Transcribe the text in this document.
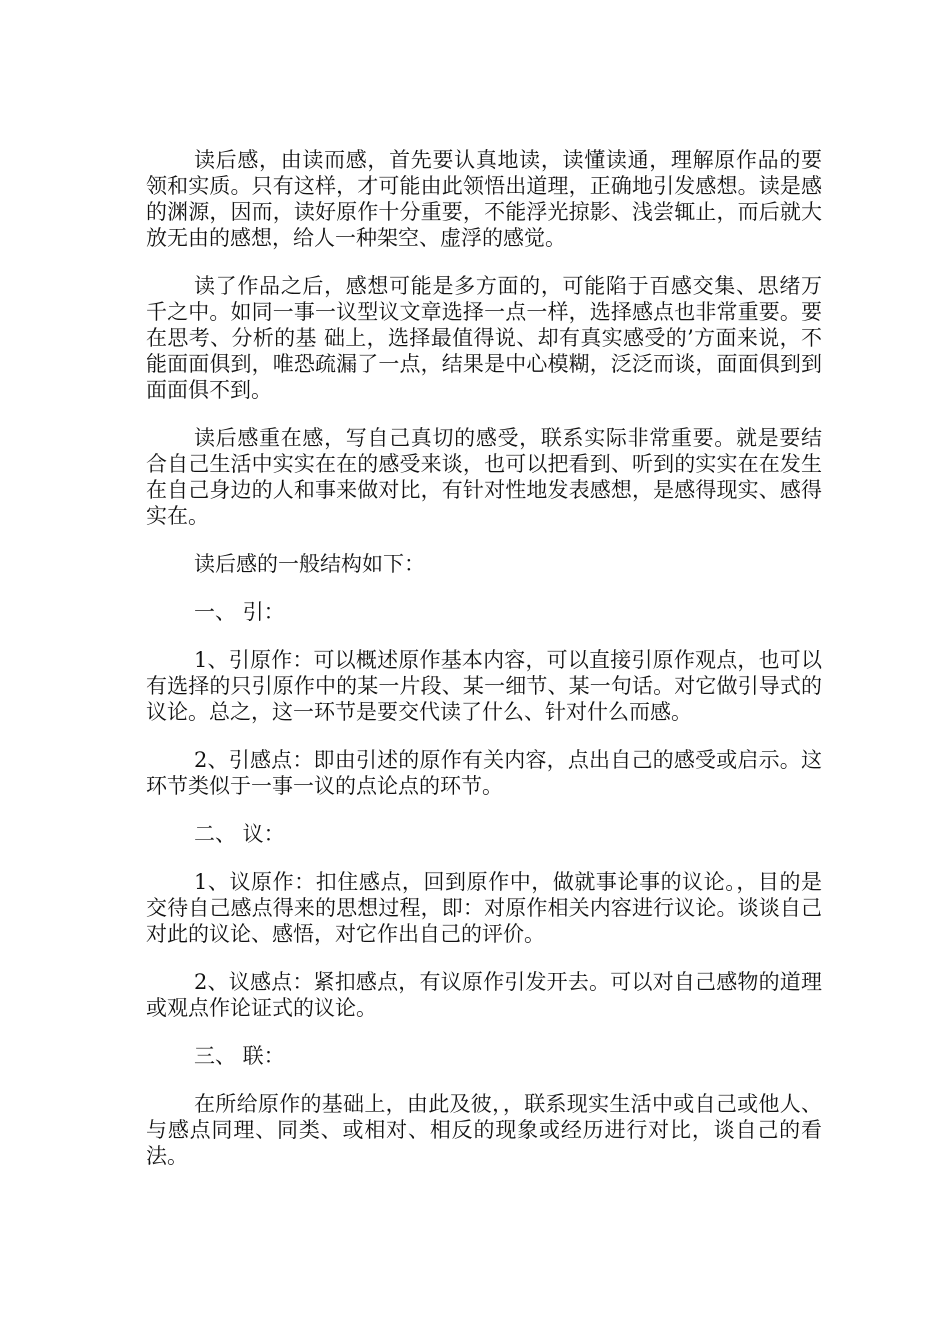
读后感，由读而感，首先要认真地读，读懂读通，理解原作品的要领和实质。只有这样，才可能由此领悟出道理，正确地引发感想。读是感的渊源，因而，读好原作十分重要，不能浮光掠影、浅尝辄止，而后就大放无由的感想，给人一种架空、虚浮的感觉。

读了作品之后，感想可能是多方面的，可能陷于百感交集、思绪万千之中。如同一事一议型议文章选择一点一样，选择感点也非常重要。要在思考、分析的基 础上，选择最值得说、却有真实感受的’方面来说，不能面面俱到，唯恐疏漏了一点，结果是中心模糊，泛泛而谈，面面俱到到面面俱不到。

读后感重在感，写自己真切的感受，联系实际非常重要。就是要结合自己生活中实实在在的感受来谈，也可以把看到、听到的实实在在发生在自己身边的人和事来做对比，有针对性地发表感想，是感得现实、感得实在。

读后感的一般结构如下：

一、 引：

1、引原作：可以概述原作基本内容，可以直接引原作观点，也可以有选择的只引原作中的某一片段、某一细节、某一句话。对它做引导式的议论。总之，这一环节是要交代读了什么、针对什么而感。

2、引感点：即由引述的原作有关内容，点出自己的感受或启示。这环节类似于一事一议的点论点的环节。

二、 议：

1、议原作：扣住感点，回到原作中，做就事论事的议论。，目的是交待自己感点得来的思想过程，即：对原作相关内容进行议论。谈谈自己对此的议论、感悟，对它作出自己的评价。

2、议感点：紧扣感点，有议原作引发开去。可以对自己感物的道理或观点作论证式的议论。

三、 联：

在所给原作的基础上，由此及彼，，联系现实生活中或自己或他人、与感点同理、同类、或相对、相反的现象或经历进行对比，谈自己的看法。
